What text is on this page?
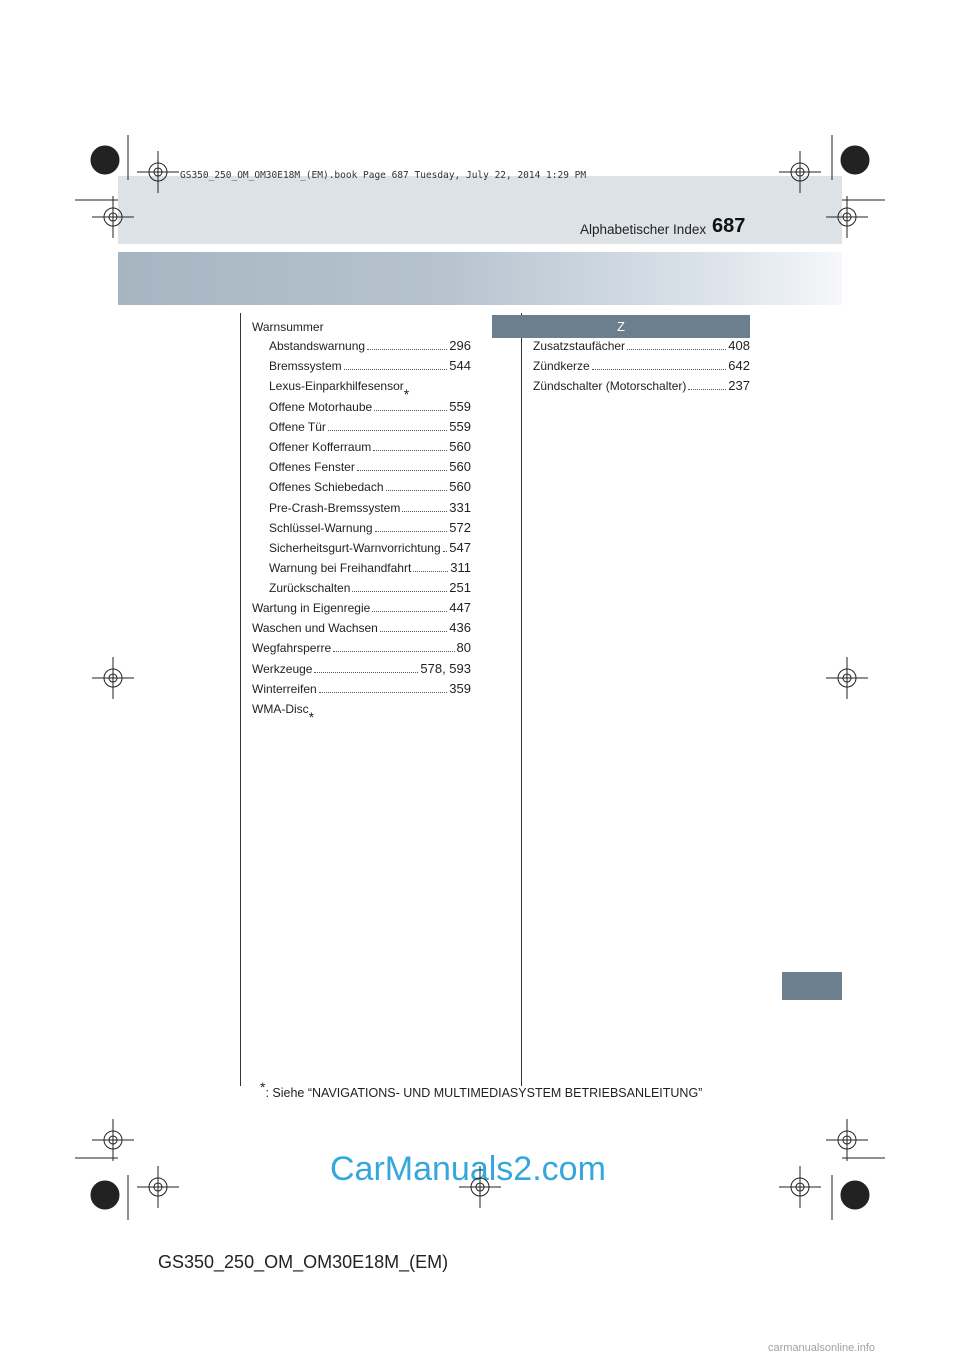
GS350_250_OM_OM30E18M_(EM).book Page 687 Tuesday, July 22, 2014 1:29 PM
Alphabetischer Index 687
Warnsummer
Abstandswarnung	296
Bremssystem	544
Lexus-Einparkhilfesensor *
Offene Motorhaube	559
Offene Tür	559
Offener Kofferraum	560
Offenes Fenster	560
Offenes Schiebedach	560
Pre-Crash-Bremssystem	331
Schlüssel-Warnung	572
Sicherheitsgurt-Warnvorrichtung 547
Warnung bei Freihandfahrt	311
Zurückschalten	251
Wartung in Eigenregie	447
Waschen und Wachsen	436
Wegfahrsperre	80
Werkzeuge	578, 593
Winterreifen	359
WMA-Disc *
Z
Zusatzstaufächer	408
Zündkerze	642
Zündschalter (Motorschalter)	237
*: Siehe “NAVIGATIONS- UND MULTIMEDIASYSTEM BETRIEBSANLEITUNG”
CarManuals2.com
GS350_250_OM_OM30E18M_(EM)
carmanualsonline.info
